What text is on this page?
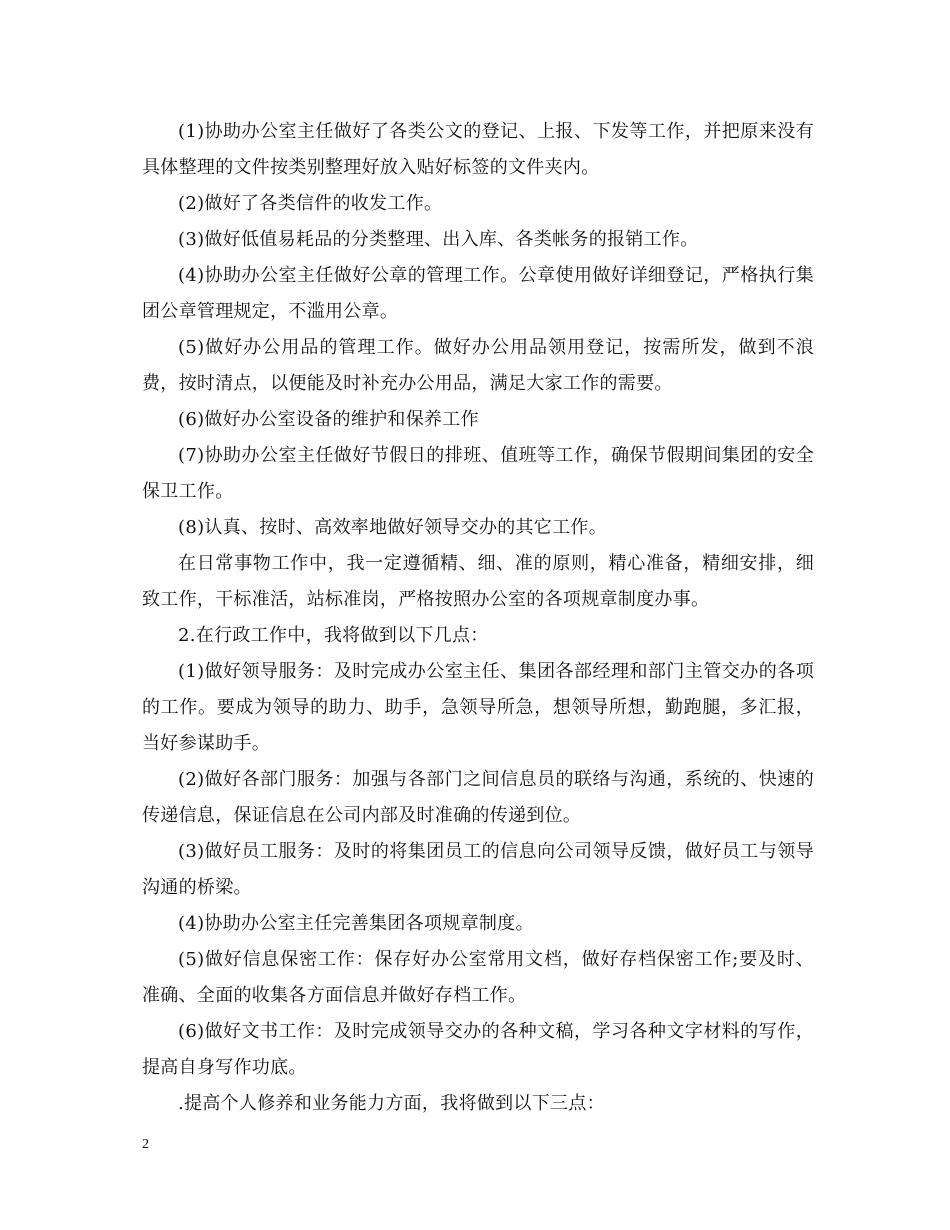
(1)协助办公室主任做好了各类公文的登记、上报、下发等工作，并把原来没有具体整理的文件按类别整理好放入贴好标签的文件夹内。

(2)做好了各类信件的收发工作。

(3)做好低值易耗品的分类整理、出入库、各类帐务的报销工作。

(4)协助办公室主任做好公章的管理工作。公章使用做好详细登记，严格执行集团公章管理规定，不滥用公章。

(5)做好办公用品的管理工作。做好办公用品领用登记，按需所发，做到不浪费，按时清点，以便能及时补充办公用品，满足大家工作的需要。

(6)做好办公室设备的维护和保养工作

(7)协助办公室主任做好节假日的排班、值班等工作，确保节假期间集团的安全保卫工作。

(8)认真、按时、高效率地做好领导交办的其它工作。

在日常事物工作中，我一定遵循精、细、准的原则，精心准备，精细安排，细致工作，干标准活，站标准岗，严格按照办公室的各项规章制度办事。

2.在行政工作中，我将做到以下几点：

(1)做好领导服务：及时完成办公室主任、集团各部经理和部门主管交办的各项的工作。要成为领导的助力、助手，急领导所急，想领导所想，勤跑腿，多汇报，当好参谋助手。

(2)做好各部门服务：加强与各部门之间信息员的联络与沟通，系统的、快速的传递信息，保证信息在公司内部及时准确的传递到位。

(3)做好员工服务：及时的将集团员工的信息向公司领导反馈，做好员工与领导沟通的桥梁。

(4)协助办公室主任完善集团各项规章制度。

(5)做好信息保密工作：保存好办公室常用文档，做好存档保密工作;要及时、准确、全面的收集各方面信息并做好存档工作。

(6)做好文书工作：及时完成领导交办的各种文稿，学习各种文字材料的写作，提高自身写作功底。

.提高个人修养和业务能力方面，我将做到以下三点：

2
